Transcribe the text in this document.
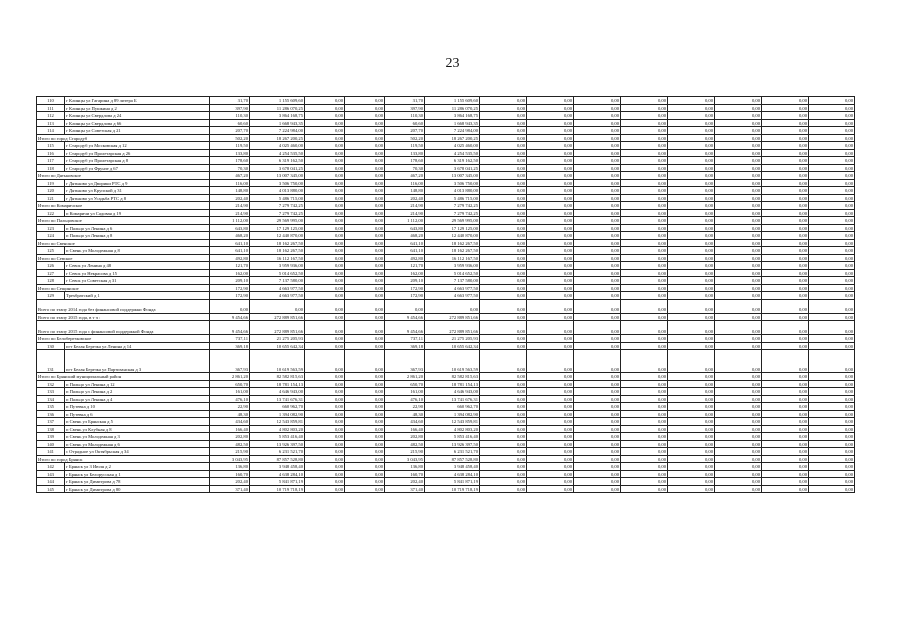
23
110	г Клинцы ул Гагарина д 89 литера Б	31,70	1 155 609,60	0,00	0,00	31,70	1 155 609,60	0,00	0,00	0,00	0,00	0,00	0,00	0,00	0,00
111	г Клинцы ул Пушкина д 2	397,90	11 286 070,25	0,00	0,00	397,90	11 286 070,25	0,00	0,00	0,00	0,00	0,00	0,00	0,00	0,00
112	г Клинцы ул Свердлова д 24	110,30	3 864 168,75	0,00	0,00	110,30	3 864 168,75	0,00	0,00	0,00	0,00	0,00	0,00	0,00	0,00
113	г Клинцы ул Свердлова д 66	60,60	1 668 943,35	0,00	0,00	60,60	1 668 943,35	0,00	0,00	0,00	0,00	0,00	0,00	0,00	0,00
114	г Клинцы ул Советская д 21	207,70	7 224 984,00	0,00	0,00	207,70	7 224 984,00	0,00	0,00	0,00	0,00	0,00	0,00	0,00	0,00
Итого по город Стародуб		502,20	18 267 200,25	0,00	0,00	502,20	18 267 200,25	0,00	0,00	0,00	0,00	0,00	0,00	0,00	0,00
115	г Стародуб ул Московская д 12	119,50	4 025 460,00	0,00	0,00	119,50	4 025 460,00	0,00	0,00	0,00	0,00	0,00	0,00	0,00	0,00
116	г Стародуб ул Пролетарская д 26	133,80	4 254 535,50	0,00	0,00	133,80	4 254 535,50	0,00	0,00	0,00	0,00	0,00	0,00	0,00	0,00
117	г Стародуб ул Пролетарская д 8	178,60	6 319 162,50	0,00	0,00	178,60	6 319 162,50	0,00	0,00	0,00	0,00	0,00	0,00	0,00	0,00
118	г Стародуб ул Фрунзе д 67	70,30	3 678 041,25	0,00	0,00	70,30	3 678 041,25	0,00	0,00	0,00	0,00	0,00	0,00	0,00	0,00
Итого по Дятьковское		467,20	13 007 345,00	0,00	0,00	467,20	13 007 345,00	0,00	0,00	0,00	0,00	0,00	0,00	0,00	0,00
119	г Дятьково ул Дворики РТС д 9	116,00	3 506 750,00	0,00	0,00	116,00	3 506 750,00	0,00	0,00	0,00	0,00	0,00	0,00	0,00	0,00
120	г Дятьково ул Крупской д 31	148,80	4 013 880,00	0,00	0,00	148,80	4 013 880,00	0,00	0,00	0,00	0,00	0,00	0,00	0,00	0,00
121	г Дятьково ул Усадьба РТС д 8	202,40	5 486 715,00	0,00	0,00	202,40	5 486 715,00	0,00	0,00	0,00	0,00	0,00	0,00	0,00	0,00
Итого по Комаричское		214,90	7 279 742,25	0,00	0,00	214,90	7 279 742,25	0,00	0,00	0,00	0,00	0,00	0,00	0,00	0,00
122	п Комаричи ул Садовая д 19	214,90	7 279 742,25	0,00	0,00	214,90	7 279 742,25	0,00	0,00	0,00	0,00	0,00	0,00	0,00	0,00
Итого по Пальцовское		1 112,00	29 569 995,00	0,00	0,00	1 112,00	29 569 995,00	0,00	0,00	0,00	0,00	0,00	0,00	0,00	0,00
123	п Пальцо ул Ленина д 6	643,80	17 129 125,00	0,00	0,00	643,80	17 129 125,00	0,00	0,00	0,00	0,00	0,00	0,00	0,00	0,00
124	п Пальцо ул Ленина д 8	468,20	12 440 870,00	0,00	0,00	468,20	12 440 870,00	0,00	0,00	0,00	0,00	0,00	0,00	0,00	0,00
Итого по Свенское		641,10	18 162 267,50	0,00	0,00	641,10	18 162 267,50	0,00	0,00	0,00	0,00	0,00	0,00	0,00	0,00
125	п Свень ул Молодежная д 8	641,10	18 162 267,50	0,00	0,00	641,10	18 162 267,50	0,00	0,00	0,00	0,00	0,00	0,00	0,00	0,00
Итого по Севское		492,80	16 112 167,50	0,00	0,00	492,80	16 112 167,50	0,00	0,00	0,00	0,00	0,00	0,00	0,00	0,00
126	г Севск ул Ленина д 48	121,70	3 959 936,00	0,00	0,00	121,70	3 959 936,00	0,00	0,00	0,00	0,00	0,00	0,00	0,00	0,00
127	г Севск ул Некрасова д 15	162,00	5 014 652,50	0,00	0,00	162,00	5 014 652,50	0,00	0,00	0,00	0,00	0,00	0,00	0,00	0,00
128	г Севск ул Советская д 31	209,10	7 137 580,00	0,00	0,00	209,10	7 137 580,00	0,00	0,00	0,00	0,00	0,00	0,00	0,00	0,00
Итого по Сещинское		172,90	4 663 977,50	0,00	0,00	172,90	4 663 977,50	0,00	0,00	0,00	0,00	0,00	0,00	0,00	0,00
129	Трехбратский д 1	172,90	4 663 977,50	0,00	0,00	172,90	4 663 977,50	0,00	0,00	0,00	0,00	0,00	0,00	0,00	0,00
Всего по этапу 2014 года без финансовой поддержки Фонда		0,00	0,00	0,00	0,00	0,00	0,00	0,00	0,00	0,00	0,00	0,00	0,00	0,00	0,00
Всего по этапу 2015 года, в т ч :		9 454,66	272 889 851,66	0,00	0,00	9 454,66	272 889 851,66	0,00	0,00	0,00	0,00	0,00	0,00	0,00	0,00
Всего по этапу 2015 года с финансовой поддержкой Фонда		9 454,66	272 889 851,66	0,00	0,00	9 454,66	272 889 851,66	0,00	0,00	0,00	0,00	0,00	0,00	0,00	0,00
Итого по Белоберезковское		737,11	21 275 205,93	0,00	0,00	737,11	21 275 205,93	0,00	0,00	0,00	0,00	0,00	0,00	0,00	0,00
130	пгт Белая Березка ул Ленина д 14	369,18	10 655 642,34	0,00	0,00	369,18	10 655 642,34	0,00	0,00	0,00	0,00	0,00	0,00	0,00	0,00
131	пгт Белая Березка ул Партизанская д 3	367,93	10 619 563,59	0,00	0,00	367,93	10 619 563,59	0,00	0,00	0,00	0,00	0,00	0,00	0,00	0,00
Итого по Брянский муниципальный район		2 861,20	82 582 815,63	0,00	0,00	2 861,20	82 582 815,63	0,00	0,00	0,00	0,00	0,00	0,00	0,00	0,00
132	п Пальцо ул Ленина д 12	650,70	18 781 154,13	0,00	0,00	650,70	18 781 154,13	0,00	0,00	0,00	0,00	0,00	0,00	0,00	0,00
133	п Пальцо ул Ленина д 2	161,00	4 646 943,00	0,00	0,00	161,00	4 646 943,00	0,00	0,00	0,00	0,00	0,00	0,00	0,00	0,00
134	п Пальцо ул Ленина д 4	476,10	13 741 676,31	0,00	0,00	476,10	13 741 676,31	0,00	0,00	0,00	0,00	0,00	0,00	0,00	0,00
135	п Путевка д 10	22,90	660 962,70	0,00	0,00	22,90	660 962,70	0,00	0,00	0,00	0,00	0,00	0,00	0,00	0,00
136	п Путевка д 6	48,30	1 394 082,90	0,00	0,00	48,30	1 394 082,90	0,00	0,00	0,00	0,00	0,00	0,00	0,00	0,00
137	п Свень ул Брянская д 5	434,60	12 543 859,81	0,00	0,00	434,60	12 543 859,81	0,00	0,00	0,00	0,00	0,00	0,00	0,00	0,00
138	п Свень ул Клубная д 8	166,40	4 802 803,20	0,00	0,00	166,40	4 802 803,20	0,00	0,00	0,00	0,00	0,00	0,00	0,00	0,00
139	п Свень ул Молодежная д 3	202,80	5 853 416,40	0,00	0,00	202,80	5 853 416,40	0,00	0,00	0,00	0,00	0,00	0,00	0,00	0,00
140	п Свень ул Молодежная д 6	482,50	13 926 397,50	0,00	0,00	482,50	13 926 397,50	0,00	0,00	0,00	0,00	0,00	0,00	0,00	0,00
141	с Отрадное ул Октябрьская д 34	215,90	6 231 521,70	0,00	0,00	215,90	6 231 521,70	0,00	0,00	0,00	0,00	0,00	0,00	0,00	0,00
Итого по город Брянск		3 043,95	87 857 528,80	0,00	0,00	3 043,95	87 857 528,80	0,00	0,00	0,00	0,00	0,00	0,00	0,00	0,00
142	г Брянск ул 3 Июля д 2	136,80	3 948 458,40	0,00	0,00	136,80	3 948 458,40	0,00	0,00	0,00	0,00	0,00	0,00	0,00	0,00
143	г Брянск ул Белорусская д 1	160,70	4 638 284,10	0,00	0,00	160,70	4 638 284,10	0,00	0,00	0,00	0,00	0,00	0,00	0,00	0,00
144	г Брянск ул Димитрова д 78	202,40	5 841 871,19	0,00	0,00	202,40	5 841 871,19	0,00	0,00	0,00	0,00	0,00	0,00	0,00	0,00
145	г Брянск ул Димитрова д 80	371,40	10 719 718,19	0,00	0,00	371,40	10 719 718,19	0,00	0,00	0,00	0,00	0,00	0,00	0,00	0,00
